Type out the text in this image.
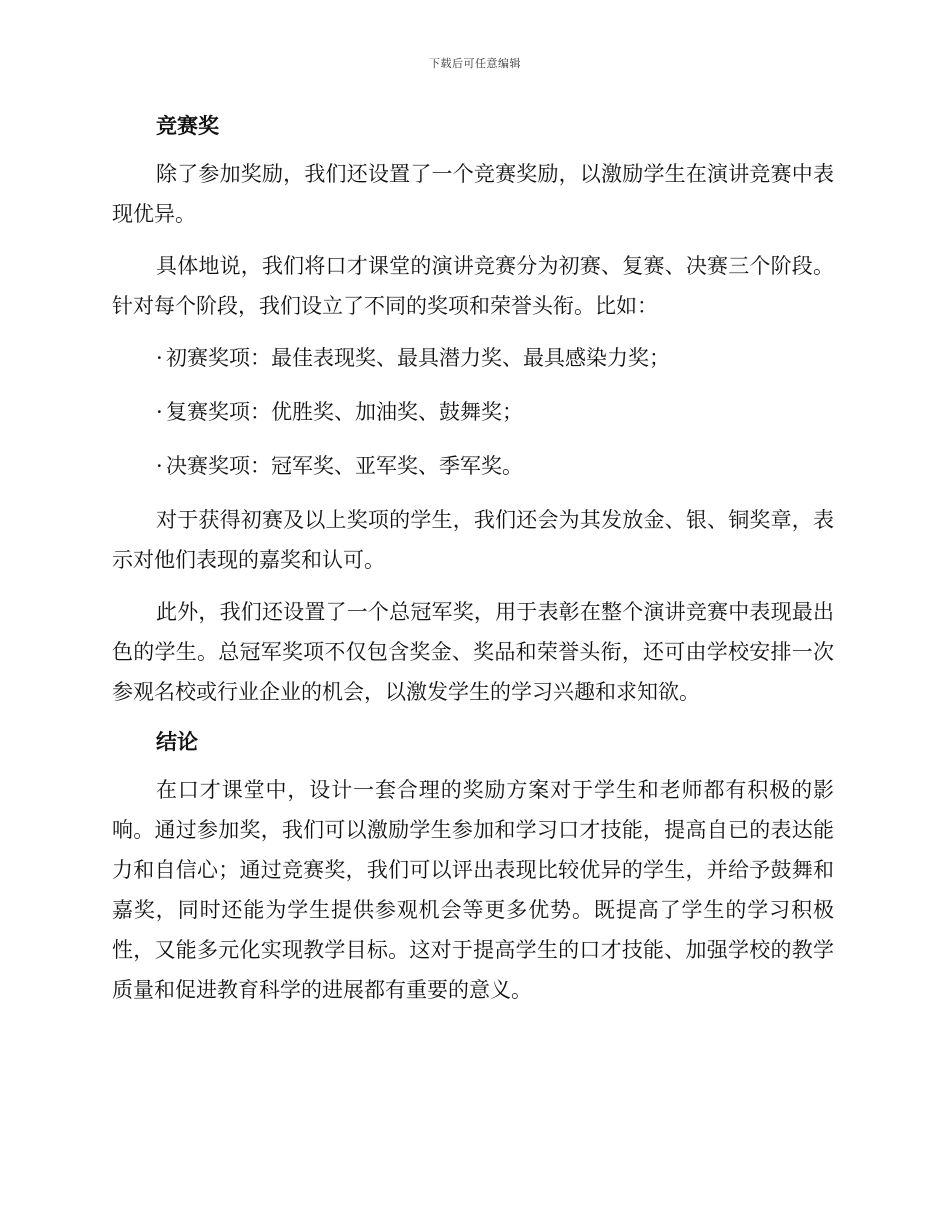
下载后可任意编辑
竞赛奖

除了参加奖励，我们还设置了一个竞赛奖励，以激励学生在演讲竞赛中表现优异。

具体地说，我们将口才课堂的演讲竞赛分为初赛、复赛、决赛三个阶段。针对每个阶段，我们设立了不同的奖项和荣誉头衔。比如：

· 初赛奖项：最佳表现奖、最具潜力奖、最具感染力奖；
· 复赛奖项：优胜奖、加油奖、鼓舞奖；
· 决赛奖项：冠军奖、亚军奖、季军奖。

对于获得初赛及以上奖项的学生，我们还会为其发放金、银、铜奖章，表示对他们表现的嘉奖和认可。

此外，我们还设置了一个总冠军奖，用于表彰在整个演讲竞赛中表现最出色的学生。总冠军奖项不仅包含奖金、奖品和荣誉头衔，还可由学校安排一次参观名校或行业企业的机会，以激发学生的学习兴趣和求知欲。

结论

在口才课堂中，设计一套合理的奖励方案对于学生和老师都有积极的影响。通过参加奖，我们可以激励学生参加和学习口才技能，提高自已的表达能力和自信心；通过竞赛奖，我们可以评出表现比较优异的学生，并给予鼓舞和嘉奖，同时还能为学生提供参观机会等更多优势。既提高了学生的学习积极性，又能多元化实现教学目标。这对于提高学生的口才技能、加强学校的教学质量和促进教育科学的进展都有重要的意义。
